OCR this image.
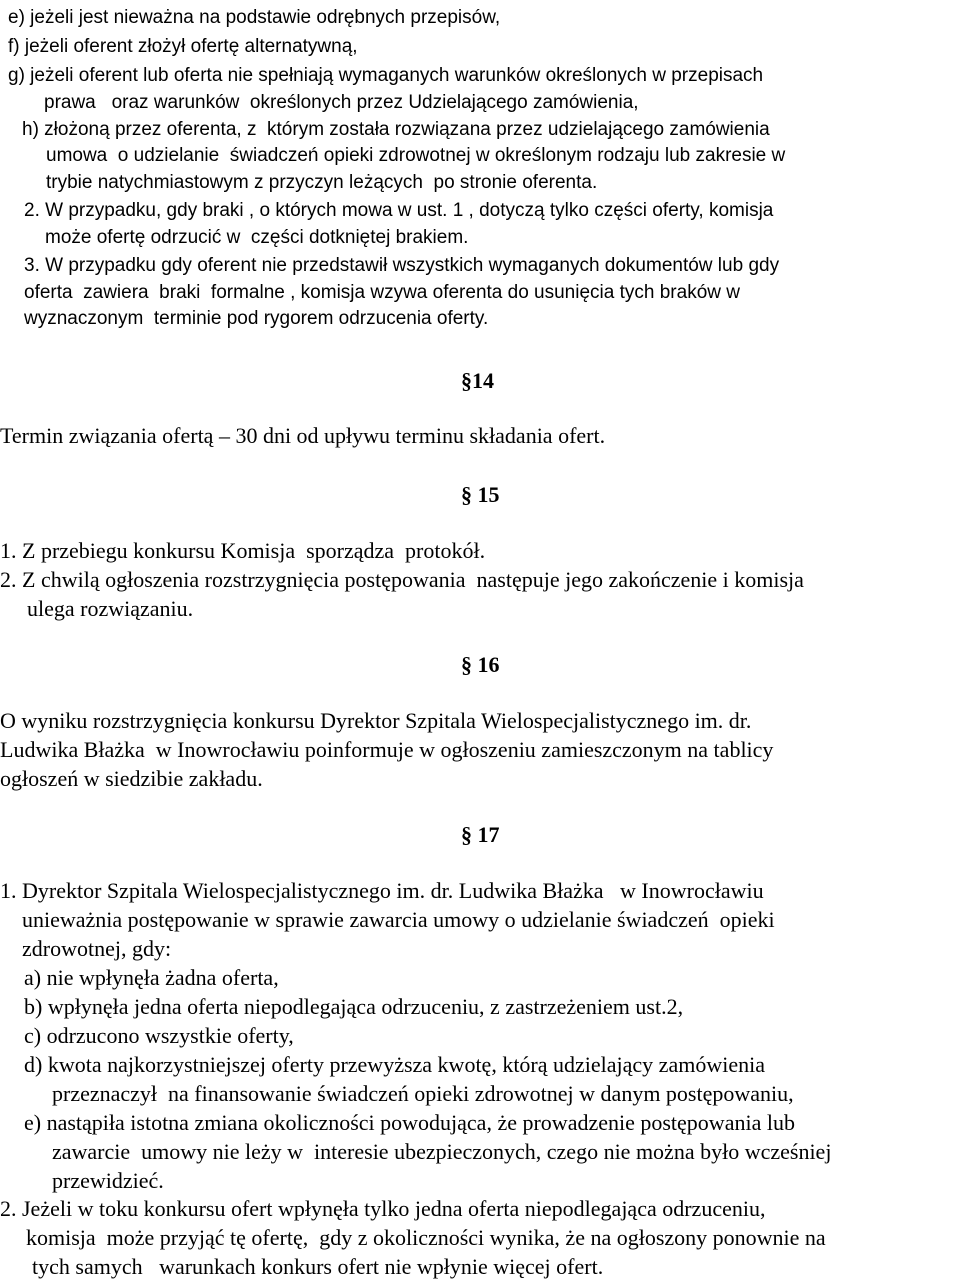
e) jeżeli jest nieważna na podstawie odrębnych przepisów,
f) jeżeli oferent złożył ofertę alternatywną,
g) jeżeli oferent lub oferta nie spełniają wymaganych warunków określonych w przepisach
prawa   oraz warunków  określonych przez Udzielającego zamówienia,
h) złożoną przez oferenta, z  którym została rozwiązana przez udzielającego zamówienia
umowa  o udzielanie  świadczeń opieki zdrowotnej w określonym rodzaju lub zakresie w
trybie natychmiastowym z przyczyn leżących  po stronie oferenta.
2. W przypadku, gdy braki , o których mowa w ust. 1 , dotyczą tylko części oferty, komisja
może ofertę odrzucić w  części dotkniętej brakiem.
3. W przypadku gdy oferent nie przedstawił wszystkich wymaganych dokumentów lub gdy
oferta  zawiera  braki  formalne , komisja wzywa oferenta do usunięcia tych braków w
wyznaczonym  terminie pod rygorem odrzucenia oferty.
§14
Termin związania ofertą – 30 dni od upływu terminu składania ofert.
§ 15
1. Z przebiegu konkursu Komisja  sporządza  protokół.
2. Z chwilą ogłoszenia rozstrzygnięcia postępowania  następuje jego zakończenie i komisja
ulega rozwiązaniu.
§ 16
O wyniku rozstrzygnięcia konkursu Dyrektor Szpitala Wielospecjalistycznego im. dr.
Ludwika Błażka  w Inowrocławiu poinformuje w ogłoszeniu zamieszczonym na tablicy
ogłoszeń w siedzibie zakładu.
§ 17
1. Dyrektor Szpitala Wielospecjalistycznego im. dr. Ludwika Błażka   w Inowrocławiu
unieważnia postępowanie w sprawie zawarcia umowy o udzielanie świadczeń  opieki
zdrowotnej, gdy:
a) nie wpłynęła żadna oferta,
b) wpłynęła jedna oferta niepodlegająca odrzuceniu, z zastrzeżeniem ust.2,
c) odrzucono wszystkie oferty,
d) kwota najkorzystniejszej oferty przewyższa kwotę, którą udzielający zamówienia
przeznaczył  na finansowanie świadczeń opieki zdrowotnej w danym postępowaniu,
e) nastąpiła istotna zmiana okoliczności powodująca, że prowadzenie postępowania lub
zawarcie  umowy nie leży w  interesie ubezpieczonych, czego nie można było wcześniej
przewidzieć.
2. Jeżeli w toku konkursu ofert wpłynęła tylko jedna oferta niepodlegająca odrzuceniu,
komisja  może przyjąć tę ofertę,  gdy z okoliczności wynika, że na ogłoszony ponownie na
tych samych   warunkach konkurs ofert nie wpłynie więcej ofert.
